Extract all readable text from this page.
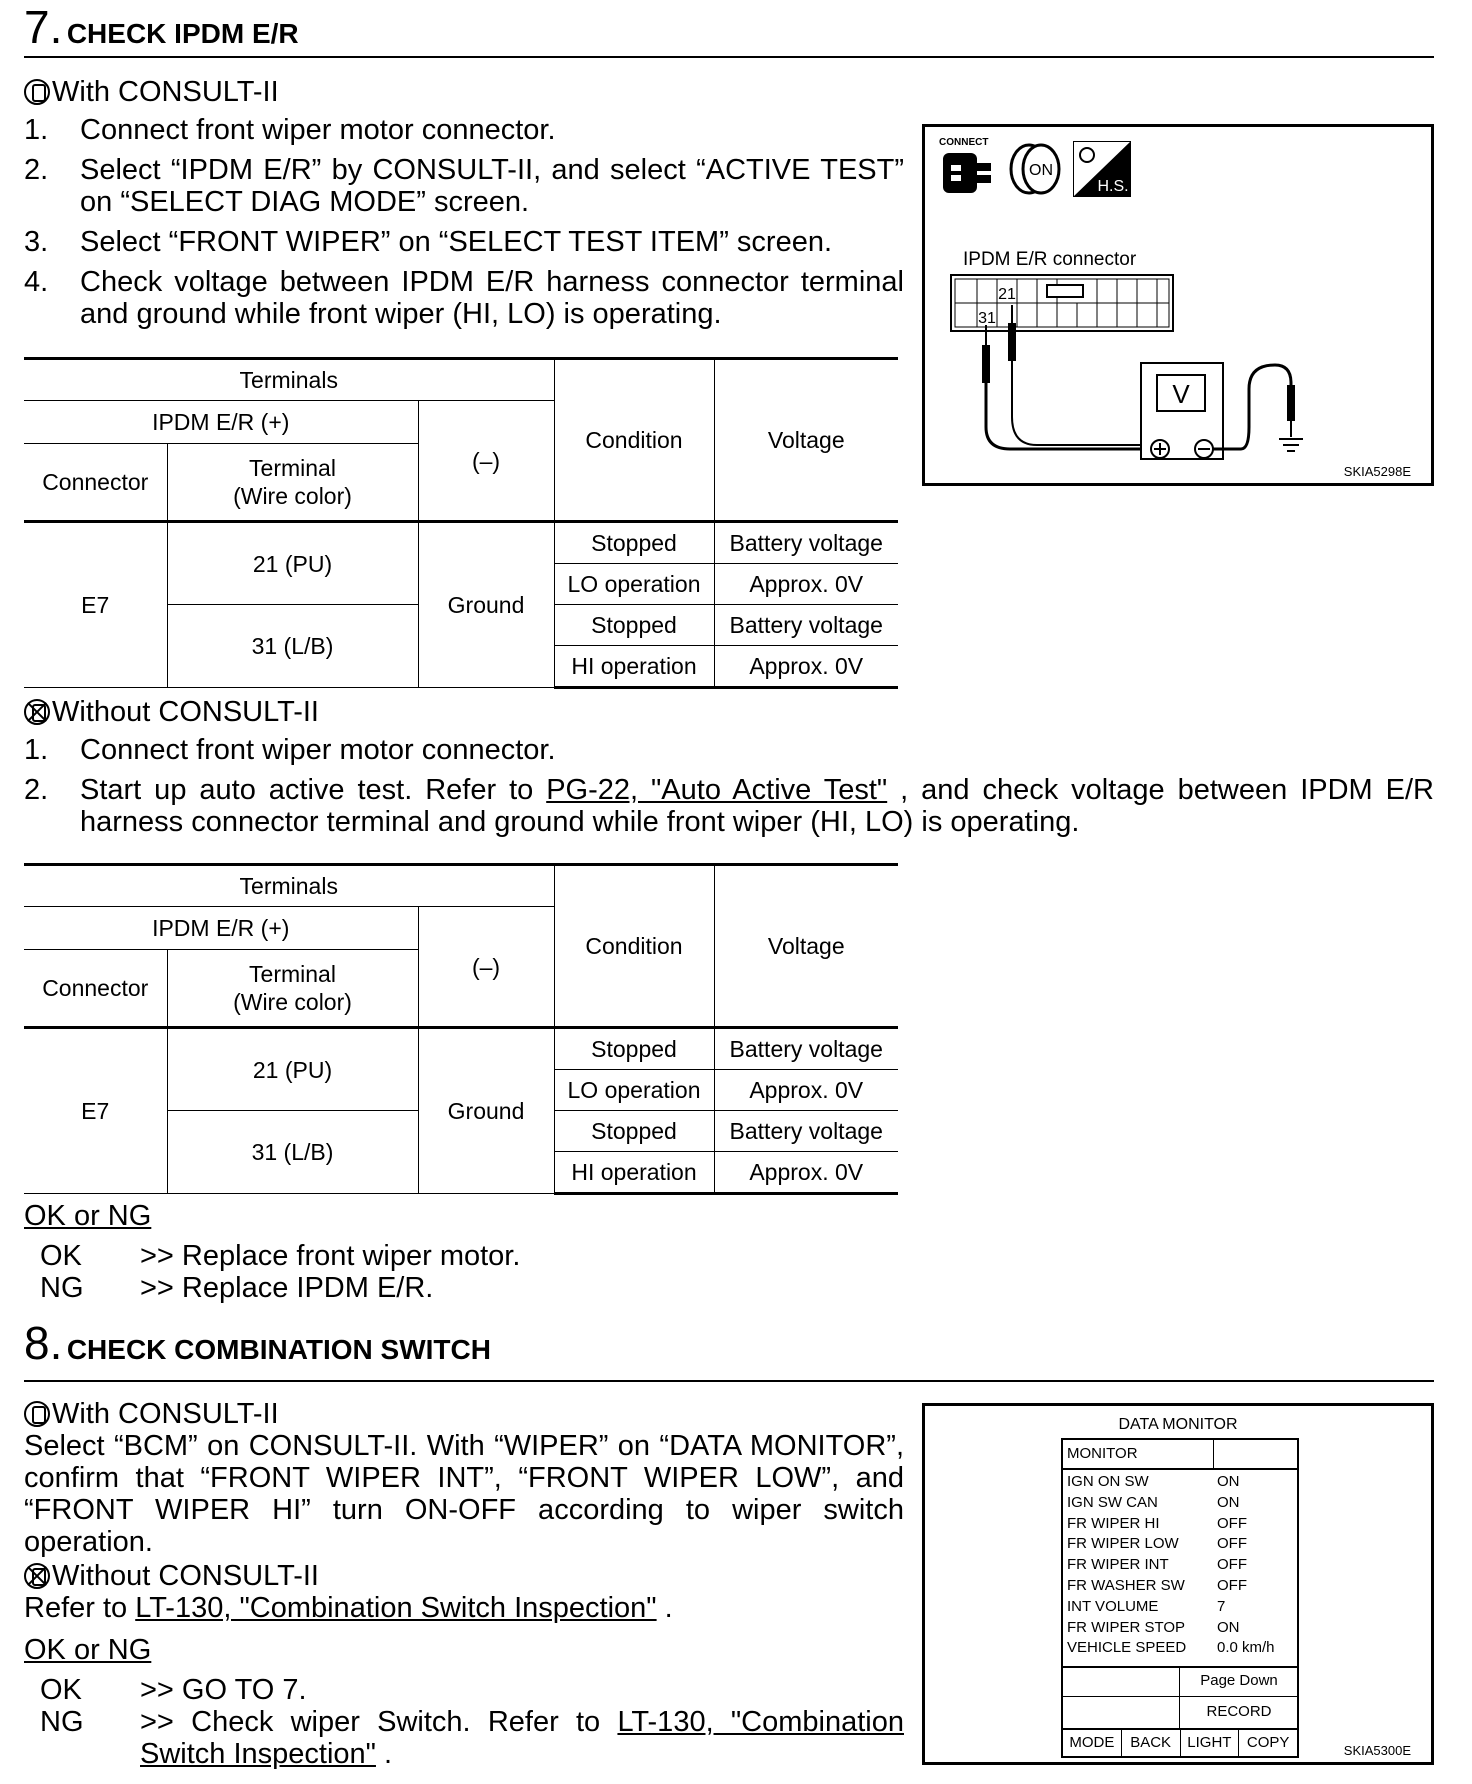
7. CHECK IPDM E/R
With CONSULT-II
1. Connect front wiper motor connector.
2. Select “IPDM E/R” by CONSULT-II, and select “ACTIVE TEST” on “SELECT DIAG MODE” screen.
3. Select “FRONT WIPER” on “SELECT TEST ITEM” screen.
4. Check voltage between IPDM E/R harness connector terminal and ground while front wiper (HI, LO) is operating.
CONNECT
ON
H.S.
IPDM E/R connector
21
31
V
SKIA5298E
Terminals			Condition	Voltage
IPDM E/R (+)		(–)		
Connector	Terminal
(Wire color)			

E7	21 (PU)	Ground	Stopped	Battery voltage
			LO operation	Approx. 0V
	31 (L/B)		Stopped	Battery voltage
			HI operation	Approx. 0V
Without CONSULT-II
1. Connect front wiper motor connector.
2. Start up auto active test. Refer to PG-22, "Auto Active Test" , and check voltage between IPDM E/R harness connector terminal and ground while front wiper (HI, LO) is operating.
Terminals			Condition	Voltage
IPDM E/R (+)		(–)		
Connector	Terminal
(Wire color)			

E7	21 (PU)	Ground	Stopped	Battery voltage
			LO operation	Approx. 0V
	31 (L/B)		Stopped	Battery voltage
			HI operation	Approx. 0V
OK or NG
OK >> Replace front wiper motor.
NG >> Replace IPDM E/R.
8. CHECK COMBINATION SWITCH
With CONSULT-II
Select “BCM” on CONSULT-II. With “WIPER” on “DATA MONITOR”, confirm that “FRONT WIPER INT”, “FRONT WIPER LOW”, and “FRONT WIPER HI” turn ON-OFF according to wiper switch operation.
Without CONSULT-II
Refer to LT-130, "Combination Switch Inspection" .
OK or NG
OK >> GO TO 7.
NG >> Check wiper Switch. Refer to LT-130, "Combination Switch Inspection" .
DATA MONITOR
MONITOR
IGN ON SW	ON
IGN SW CAN	ON
FR WIPER HI	OFF
FR WIPER LOW	OFF
FR WIPER INT	OFF
FR WASHER SW OFF
INT VOLUME	7
FR WIPER STOP ON
VEHICLE SPEED 0.0 km/h
Page Down
RECORD
MODE	BACK	LIGHT	COPY	SKIA5300E
